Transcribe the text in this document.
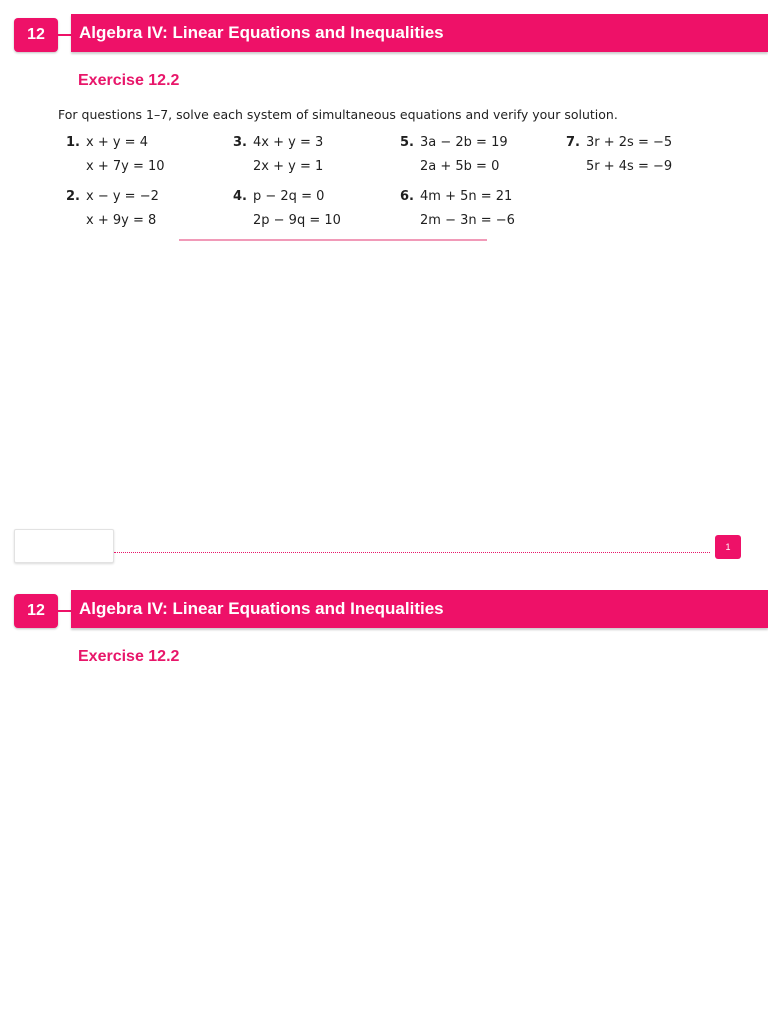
12	Algebra IV: Linear Equations and Inequalities
Exercise 12.2
For questions 1–7, solve each system of simultaneous equations and verify your solution.
1. x + y = 4
x + 7y = 10
2. x − y = −2
x + 9y = 8
3. 4x + y = 3
2x + y = 1
4. p − 2q = 0
2p − 9q = 10
5. 3a − 2b = 19
2a + 5b = 0
6. 4m + 5n = 21
2m − 3n = −6
7. 3r + 2s = −5
5r + 4s = −9
1
12	Algebra IV: Linear Equations and Inequalities
Exercise 12.2
